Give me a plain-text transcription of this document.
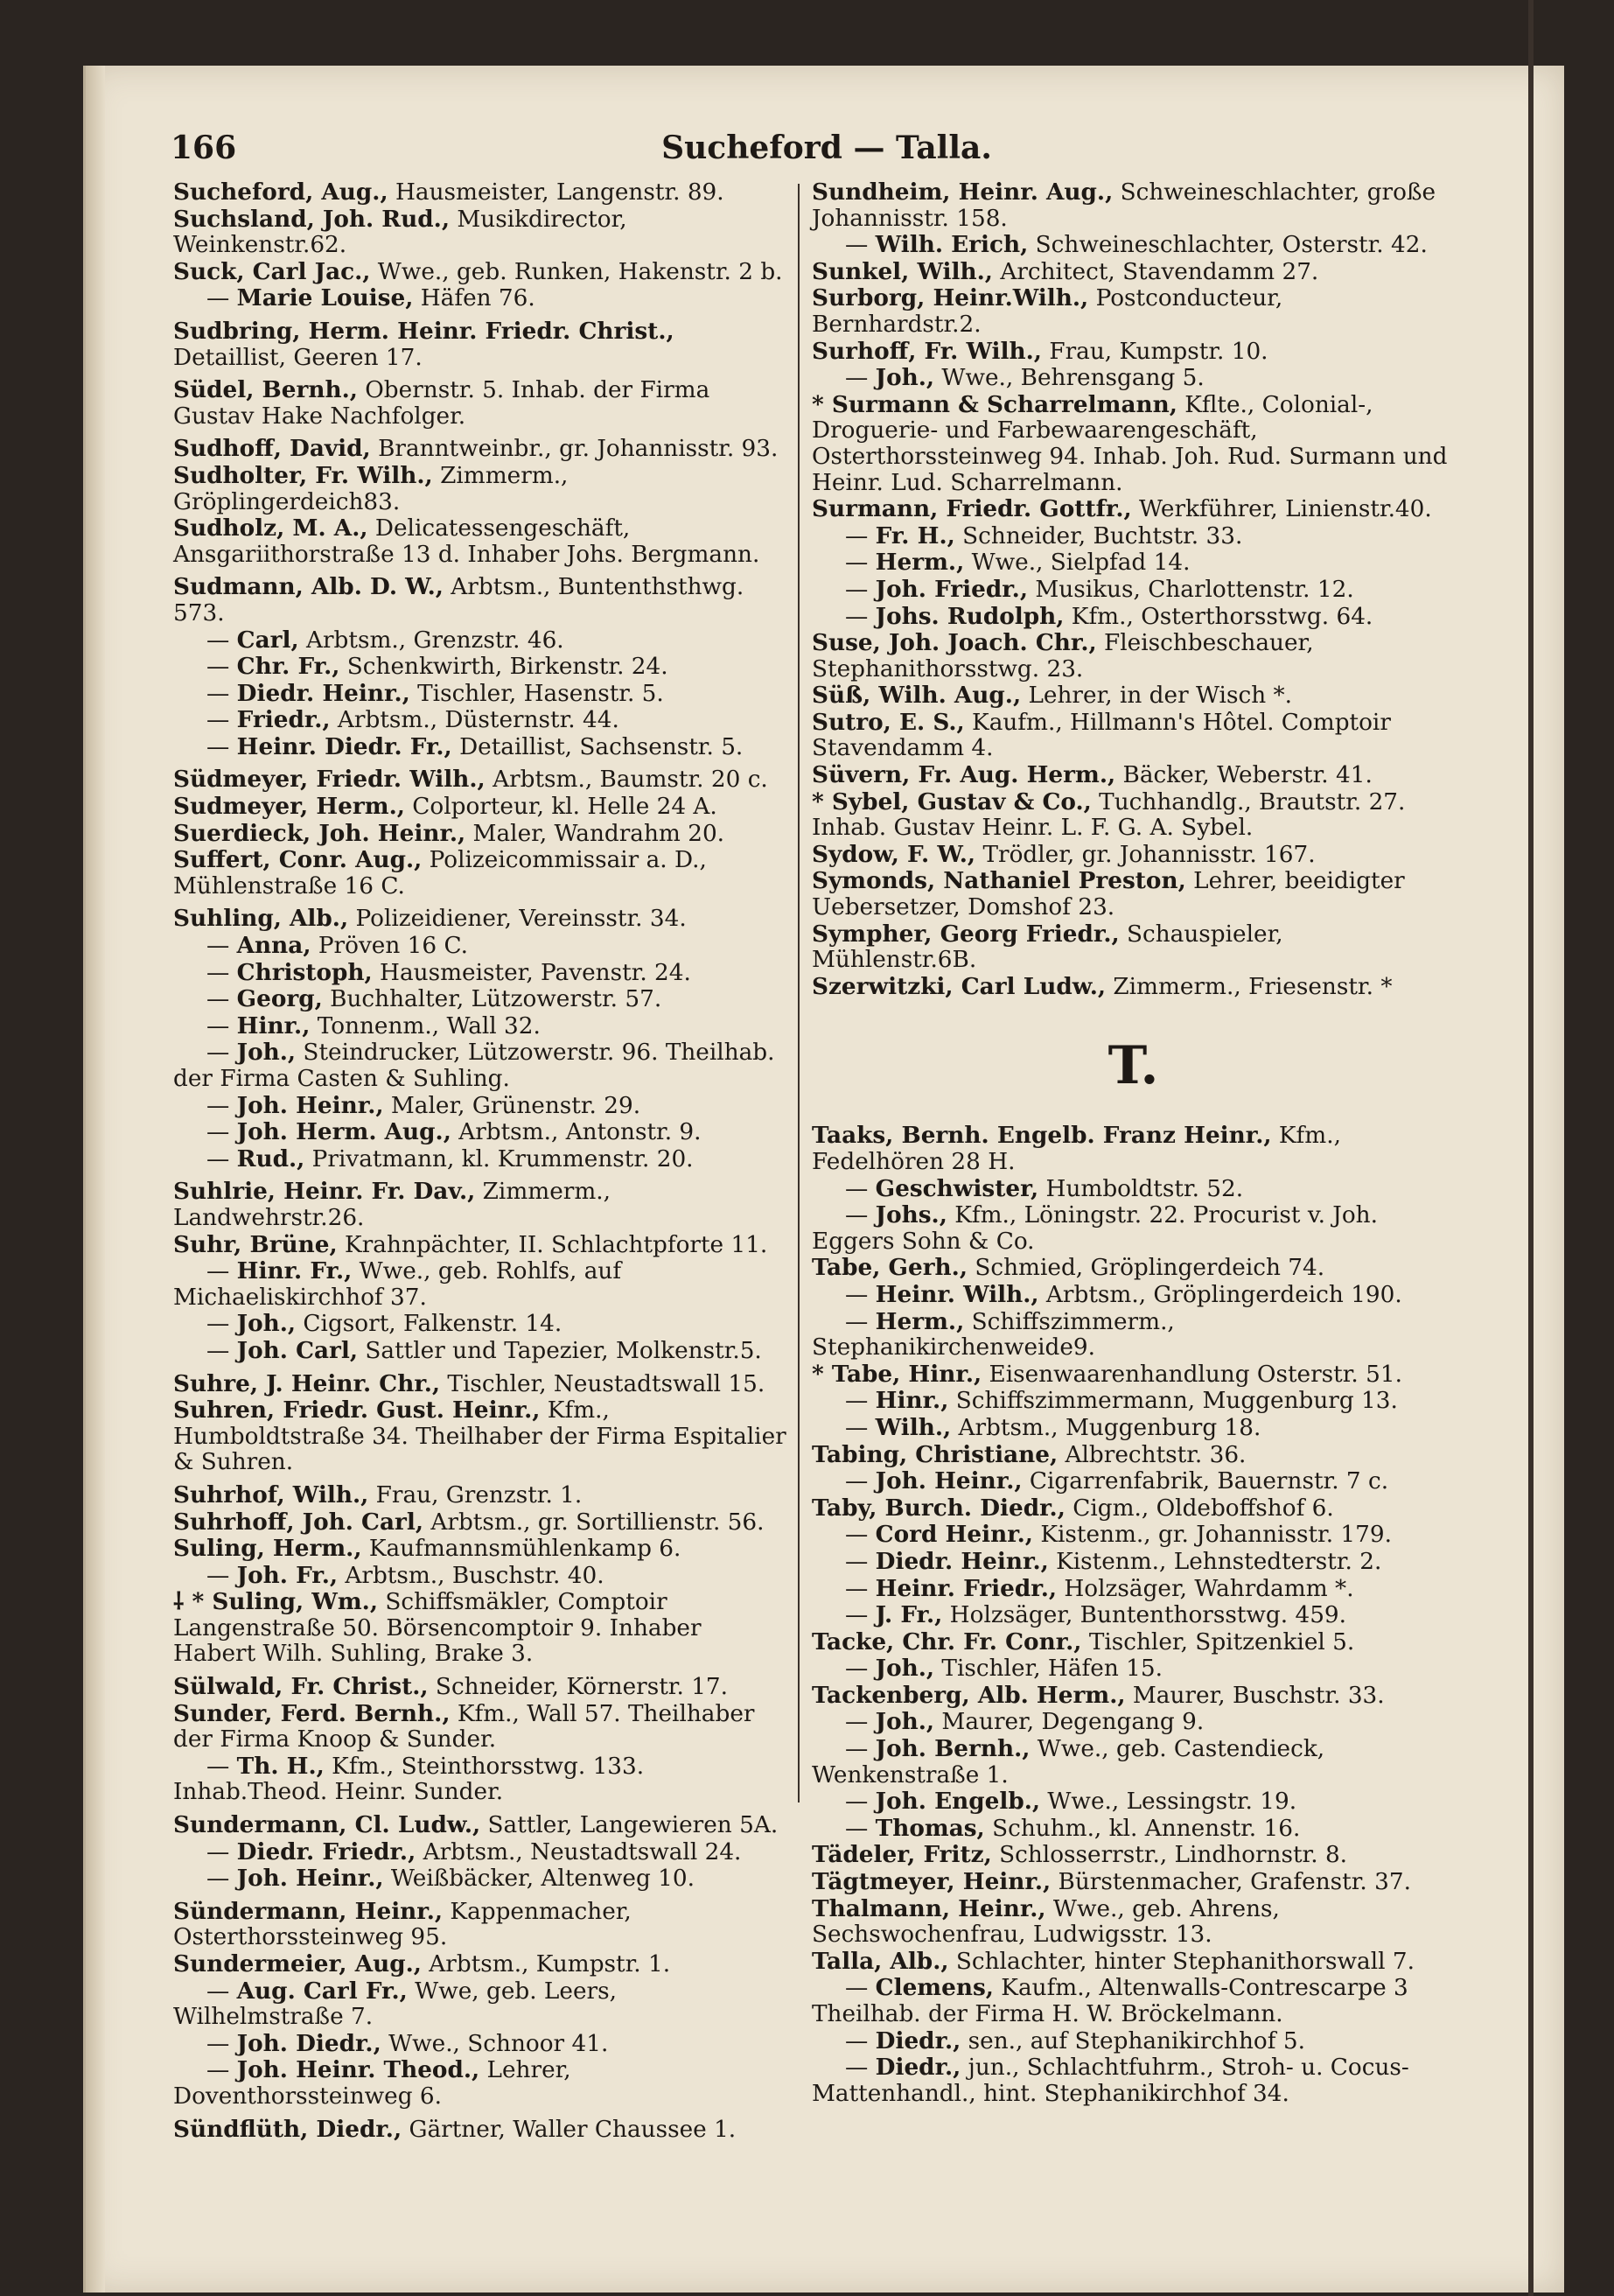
Sucheford — Talla.
166

Sucheford, Aug., Hausmeister, Langenstr. 89.

Suchsland, Joh. Rud., Musikdirector, Weinkenstr.62.

Suck, Carl Jac., Wwe., geb. Runken, Hakenstr. 2 b.

— Marie Louise, Häfen 76.

Sudbring, Herm. Heinr. Friedr. Christ., Detaillist, Geeren 17.

Südel, Bernh., Obernstr. 5. Inhab. der Firma Gustav Hake Nachfolger.

Sudhoff, David, Branntweinbr., gr. Johannisstr. 93.

Sudholter, Fr. Wilh., Zimmerm., Gröplingerdeich83.

Sudholz, M. A., Delicatessengeschäft, Ansgariithorstraße 13 d. Inhaber Johs. Bergmann.

Sudmann, Alb. D. W., Arbtsm., Buntenthsthwg. 573.

— Carl, Arbtsm., Grenzstr. 46.

— Chr. Fr., Schenkwirth, Birkenstr. 24.

— Diedr. Heinr., Tischler, Hasenstr. 5.

— Friedr., Arbtsm., Düsternstr. 44.

— Heinr. Diedr. Fr., Detaillist, Sachsenstr. 5.

Südmeyer, Friedr. Wilh., Arbtsm., Baumstr. 20 c.

Sudmeyer, Herm., Colporteur, kl. Helle 24 A.

Suerdieck, Joh. Heinr., Maler, Wandrahm 20.

Suffert, Conr. Aug., Polizeicommissair a. D., Mühlenstraße 16 C.

Suhling, Alb., Polizeidiener, Vereinsstr. 34.

— Anna, Pröven 16 C.

— Christoph, Hausmeister, Pavenstr. 24.

— Georg, Buchhalter, Lützowerstr. 57.

— Hinr., Tonnenm., Wall 32.

— Joh., Steindrucker, Lützowerstr. 96. Theilhab. der Firma Casten & Suhling.

— Joh. Heinr., Maler, Grünenstr. 29.

— Joh. Herm. Aug., Arbtsm., Antonstr. 9.

— Rud., Privatmann, kl. Krummenstr. 20.

Suhlrie, Heinr. Fr. Dav., Zimmerm., Landwehrstr.26.

Suhr, Brüne, Krahnpächter, II. Schlachtpforte 11.

— Hinr. Fr., Wwe., geb. Rohlfs, auf Michaeliskirchhof 37.

— Joh., Cigsort, Falkenstr. 14.

— Joh. Carl, Sattler und Tapezier, Molkenstr.5.

Suhre, J. Heinr. Chr., Tischler, Neustadtswall 15.

Suhren, Friedr. Gust. Heinr., Kfm., Humboldtstraße 34. Theilhaber der Firma Espitalier & Suhren.

Suhrhof, Wilh., Frau, Grenzstr. 1.

Suhrhoff, Joh. Carl, Arbtsm., gr. Sortillienstr. 56.

Suling, Herm., Kaufmannsmühlenkamp 6.

— Joh. Fr., Arbtsm., Buschstr. 40.

⸸ * Suling, Wm., Schiffsmäkler, Comptoir Langenstraße 50. Börsencomptoir 9. Inhaber Habert Wilh. Suhling, Brake 3.

Sülwald, Fr. Christ., Schneider, Körnerstr. 17.

Sunder, Ferd. Bernh., Kfm., Wall 57. Theilhaber der Firma Knoop & Sunder.

— Th. H., Kfm., Steinthorsstwg. 133. Inhab.Theod. Heinr. Sunder.

Sundermann, Cl. Ludw., Sattler, Langewieren 5A.

— Diedr. Friedr., Arbtsm., Neustadtswall 24.

— Joh. Heinr., Weißbäcker, Altenweg 10.

Sündermann, Heinr., Kappenmacher, Osterthorssteinweg 95.

Sundermeier, Aug., Arbtsm., Kumpstr. 1.

— Aug. Carl Fr., Wwe, geb. Leers, Wilhelmstraße 7.

— Joh. Diedr., Wwe., Schnoor 41.

— Joh. Heinr. Theod., Lehrer, Doventhorssteinweg 6.

Sündflüth, Diedr., Gärtner, Waller Chaussee 1.

Sundheim, Heinr. Aug., Schweineschlachter, große Johannisstr. 158.

— Wilh. Erich, Schweineschlachter, Osterstr. 42.

Sunkel, Wilh., Architect, Stavendamm 27.

Surborg, Heinr.Wilh., Postconducteur, Bernhardstr.2.

Surhoff, Fr. Wilh., Frau, Kumpstr. 10.

— Joh., Wwe., Behrensgang 5.

* Surmann & Scharrelmann, Kflte., Colonial-, Droguerie- und Farbewaarengeschäft, Osterthorssteinweg 94. Inhab. Joh. Rud. Surmann und Heinr. Lud. Scharrelmann.

Surmann, Friedr. Gottfr., Werkführer, Linienstr.40.

— Fr. H., Schneider, Buchtstr. 33.

— Herm., Wwe., Sielpfad 14.

— Joh. Friedr., Musikus, Charlottenstr. 12.

— Johs. Rudolph, Kfm., Osterthorsstwg. 64.

Suse, Joh. Joach. Chr., Fleischbeschauer, Stephanithorsstwg. 23.

Süß, Wilh. Aug., Lehrer, in der Wisch *.

Sutro, E. S., Kaufm., Hillmann's Hôtel. Comptoir Stavendamm 4.

Süvern, Fr. Aug. Herm., Bäcker, Weberstr. 41.

* Sybel, Gustav & Co., Tuchhandlg., Brautstr. 27. Inhab. Gustav Heinr. L. F. G. A. Sybel.

Sydow, F. W., Trödler, gr. Johannisstr. 167.

Symonds, Nathaniel Preston, Lehrer, beeidigter Uebersetzer, Domshof 23.

Sympher, Georg Friedr., Schauspieler, Mühlenstr.6B.

Szerwitzki, Carl Ludw., Zimmerm., Friesenstr. *

T.

Taaks, Bernh. Engelb. Franz Heinr., Kfm., Fedelhören 28 H.

— Geschwister, Humboldtstr. 52.

— Johs., Kfm., Löningstr. 22. Procurist v. Joh. Eggers Sohn & Co.

Tabe, Gerh., Schmied, Gröplingerdeich 74.

— Heinr. Wilh., Arbtsm., Gröplingerdeich 190.

— Herm., Schiffszimmerm., Stephanikirchenweide9.

* Tabe, Hinr., Eisenwaarenhandlung Osterstr. 51.

— Hinr., Schiffszimmermann, Muggenburg 13.

— Wilh., Arbtsm., Muggenburg 18.

Tabing, Christiane, Albrechtstr. 36.

— Joh. Heinr., Cigarrenfabrik, Bauernstr. 7 c.

Taby, Burch. Diedr., Cigm., Oldeboffshof 6.

— Cord Heinr., Kistenm., gr. Johannisstr. 179.

— Diedr. Heinr., Kistenm., Lehnstedterstr. 2.

— Heinr. Friedr., Holzsäger, Wahrdamm *.

— J. Fr., Holzsäger, Buntenthorsstwg. 459.

Tacke, Chr. Fr. Conr., Tischler, Spitzenkiel 5.

— Joh., Tischler, Häfen 15.

Tackenberg, Alb. Herm., Maurer, Buschstr. 33.

— Joh., Maurer, Degengang 9.

— Joh. Bernh., Wwe., geb. Castendieck, Wenkenstraße 1.

— Joh. Engelb., Wwe., Lessingstr. 19.

— Thomas, Schuhm., kl. Annenstr. 16.

Tädeler, Fritz, Schlosserrstr., Lindhornstr. 8.

Tägtmeyer, Heinr., Bürstenmacher, Grafenstr. 37.

Thalmann, Heinr., Wwe., geb. Ahrens, Sechswochenfrau, Ludwigsstr. 13.

Talla, Alb., Schlachter, hinter Stephanithorswall 7.

— Clemens, Kaufm., Altenwalls-Contrescarpe 3 Theilhab. der Firma H. W. Bröckelmann.

— Diedr., sen., auf Stephanikirchhof 5.

— Diedr., jun., Schlachtfuhrm., Stroh- u. Cocus-Mattenhandl., hint. Stephanikirchhof 34.
